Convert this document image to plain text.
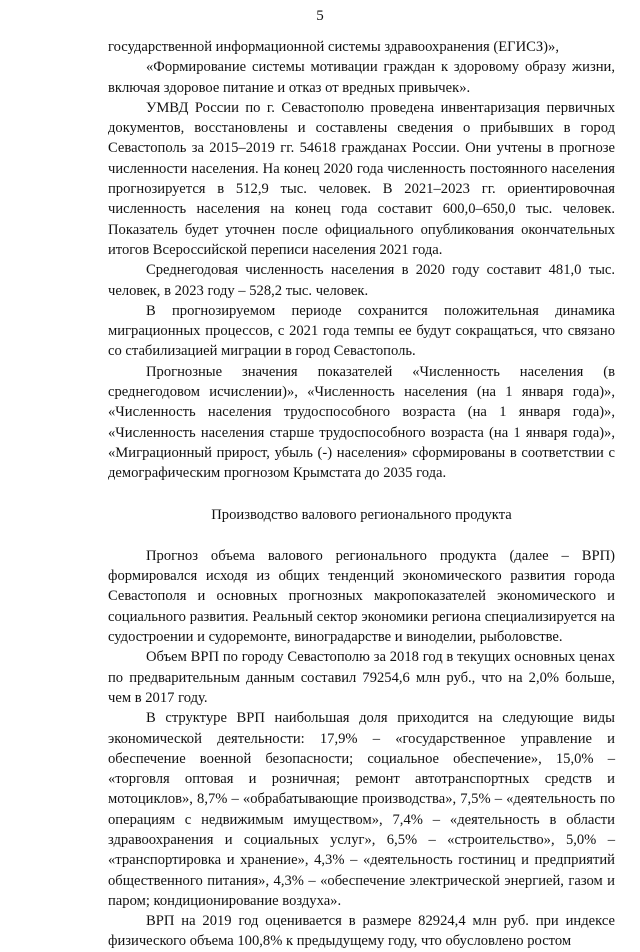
5

государственной информационной системы здравоохранения (ЕГИСЗ)»,

«Формирование системы мотивации граждан к здоровому образу жизни, включая здоровое питание и отказ от вредных привычек».

УМВД России по г. Севастополю проведена инвентаризация первичных документов, восстановлены и составлены сведения о прибывших в город Севастополь за 2015–2019 гг. 54618 гражданах России. Они учтены в прогнозе численности населения. На конец 2020 года численность постоянного населения прогнозируется в 512,9 тыс. человек. В 2021–2023 гг. ориентировочная численность населения на конец года составит 600,0–650,0 тыс. человек. Показатель будет уточнен после официального опубликования окончательных итогов Всероссийской переписи населения 2021 года.

Среднегодовая численность населения в 2020 году составит 481,0 тыс. человек, в 2023 году – 528,2 тыс. человек.

В прогнозируемом периоде сохранится положительная динамика миграционных процессов, с 2021 года темпы ее будут сокращаться, что связано со стабилизацией миграции в город Севастополь.

Прогнозные значения показателей «Численность населения (в среднегодовом исчислении)», «Численность населения (на 1 января года)», «Численность населения трудоспособного возраста (на 1 января года)», «Численность населения старше трудоспособного возраста (на 1 января года)», «Миграционный прирост, убыль (-) населения» сформированы в соответствии с демографическим прогнозом Крымстата до 2035 года.

Производство валового регионального продукта

Прогноз объема валового регионального продукта (далее – ВРП) формировался исходя из общих тенденций экономического развития города Севастополя и основных прогнозных макропоказателей экономического и социального развития. Реальный сектор экономики региона специализируется на судостроении и судоремонте, виноградарстве и виноделии, рыболовстве.

Объем ВРП по городу Севастополю за 2018 год в текущих основных ценах по предварительным данным составил 79254,6 млн руб., что на 2,0% больше, чем в 2017 году.

В структуре ВРП наибольшая доля приходится на следующие виды экономической деятельности: 17,9% – «государственное управление и обеспечение военной безопасности; социальное обеспечение», 15,0% – «торговля оптовая и розничная; ремонт автотранспортных средств и мотоциклов», 8,7% – «обрабатывающие производства», 7,5% – «деятельность по операциям с недвижимым имуществом», 7,4% – «деятельность в области здравоохранения и социальных услуг», 6,5% – «строительство», 5,0% – «транспортировка и хранение», 4,3% – «деятельность гостиниц и предприятий общественного питания», 4,3% – «обеспечение электрической энергией, газом и паром; кондиционирование воздуха».

ВРП на 2019 год оценивается в размере 82924,4 млн руб. при индексе физического объема 100,8% к предыдущему году, что обусловлено ростом
